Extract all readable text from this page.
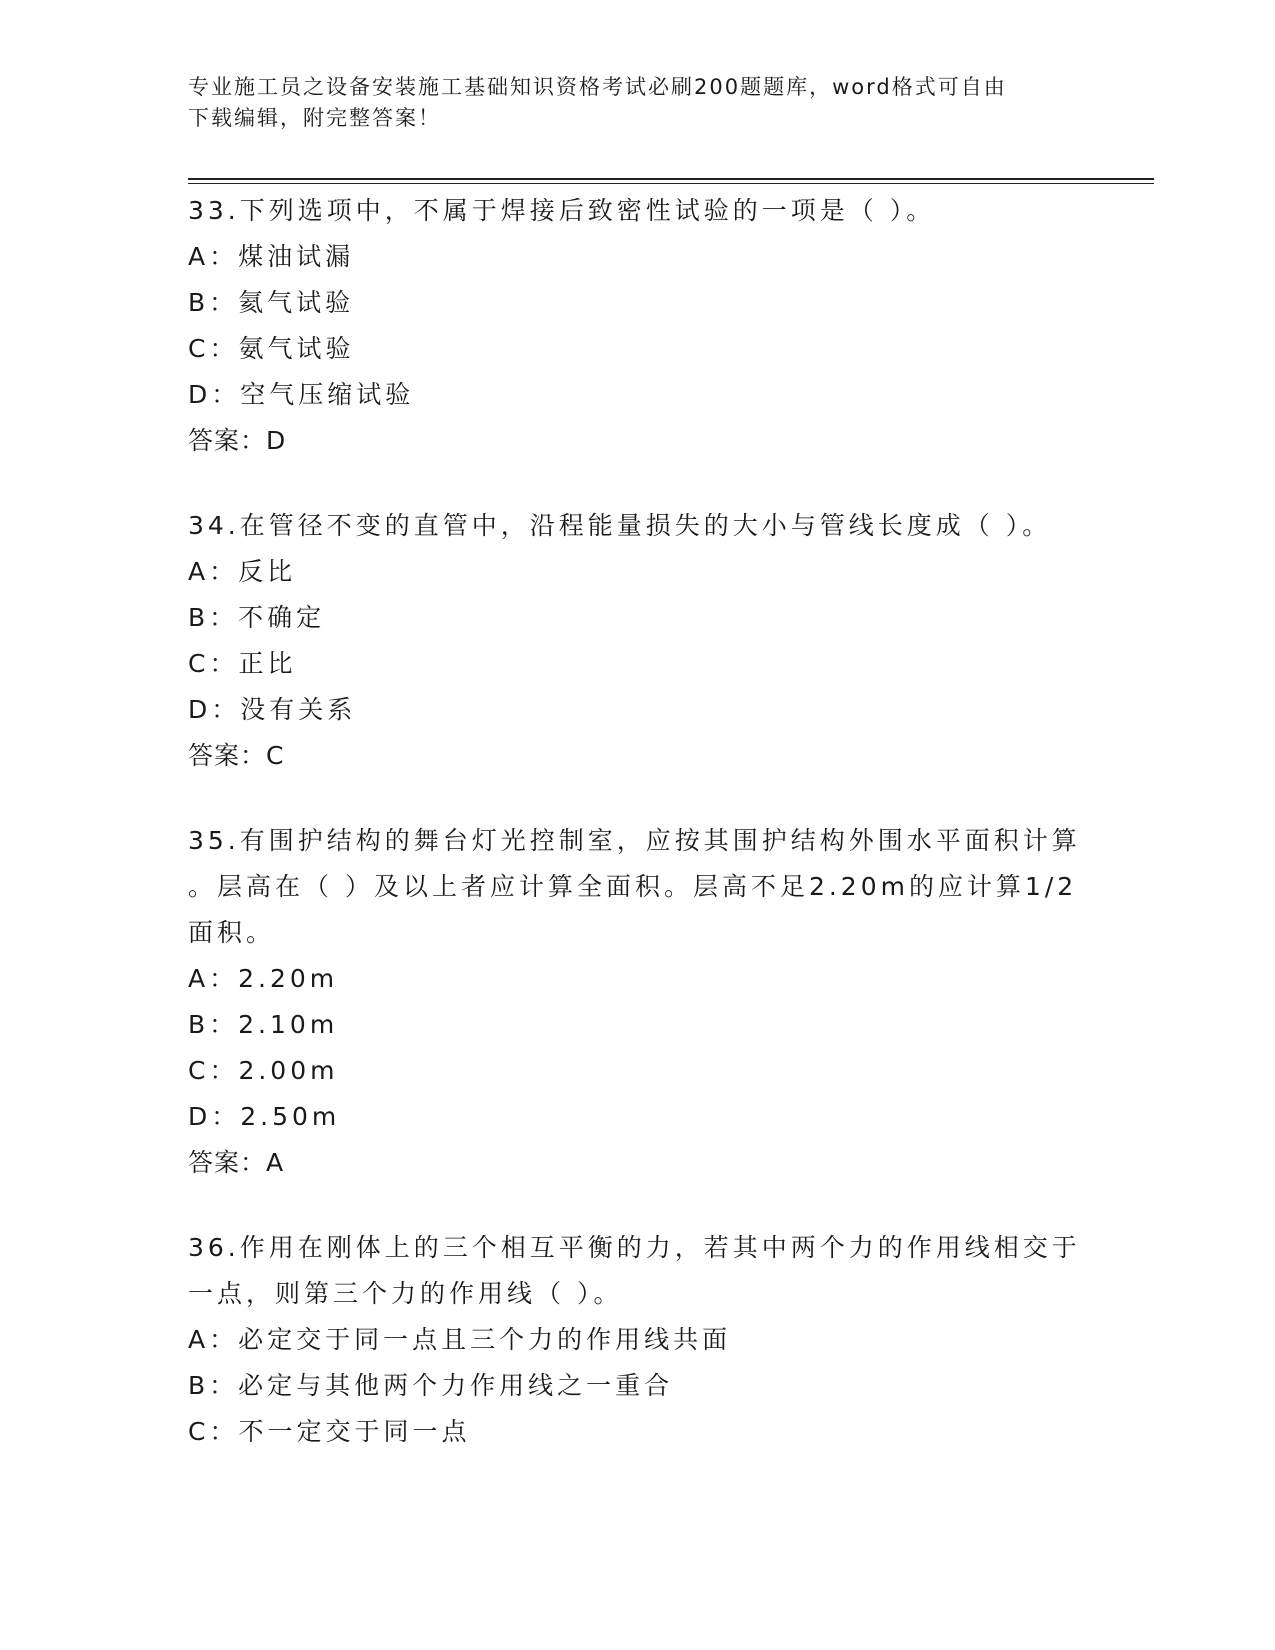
专业施工员之设备安装施工基础知识资格考试必刷200题题库，word格式可自由
下载编辑，附完整答案！

33.下列选项中，不属于焊接后致密性试验的一项是（ ）。

A：煤油试漏

B：氦气试验

C：氨气试验

D：空气压缩试验

答案：D

34.在管径不变的直管中，沿程能量损失的大小与管线长度成（ ）。

A：反比

B：不确定

C：正比

D：没有关系

答案：C

35.有围护结构的舞台灯光控制室，应按其围护结构外围水平面积计算

。层高在（ ）及以上者应计算全面积。层高不足2.20m的应计算1/2

面积。

A：2.20m

B：2.10m

C：2.00m

D：2.50m

答案：A

36.作用在刚体上的三个相互平衡的力，若其中两个力的作用线相交于

一点，则第三个力的作用线（ ）。

A：必定交于同一点且三个力的作用线共面

B：必定与其他两个力作用线之一重合

C：不一定交于同一点
